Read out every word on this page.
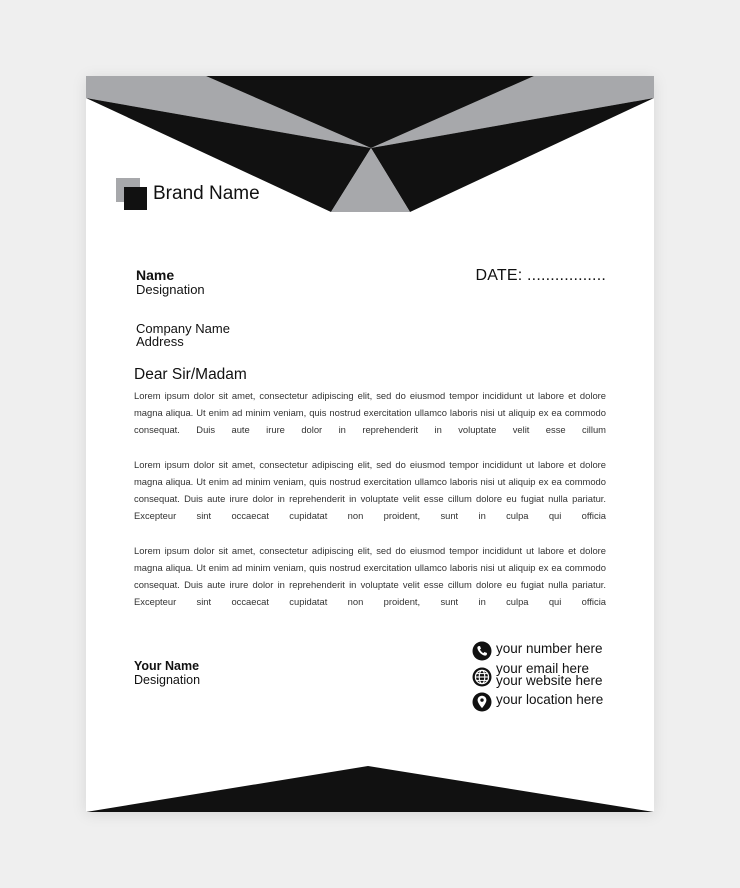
Brand Name
Name
Designation
DATE: .................
Company Name
Address
Dear Sir/Madam

Lorem ipsum dolor sit amet, consectetur adipiscing elit, sed do eiusmod tempor incididunt ut labore et dolore magna aliqua. Ut enim ad minim veniam, quis nostrud exercitation ullamco laboris nisi ut aliquip ex ea commodo consequat. Duis aute irure dolor in reprehenderit in voluptate velit esse cillum

Lorem ipsum dolor sit amet, consectetur adipiscing elit, sed do eiusmod tempor incididunt ut labore et dolore magna aliqua. Ut enim ad minim veniam, quis nostrud exercitation ullamco laboris nisi ut aliquip ex ea commodo consequat. Duis aute irure dolor in reprehenderit in voluptate velit esse cillum dolore eu fugiat nulla pariatur. Excepteur sint occaecat cupidatat non proident, sunt in culpa qui officia

Lorem ipsum dolor sit amet, consectetur adipiscing elit, sed do eiusmod tempor incididunt ut labore et dolore magna aliqua. Ut enim ad minim veniam, quis nostrud exercitation ullamco laboris nisi ut aliquip ex ea commodo consequat. Duis aute irure dolor in reprehenderit in voluptate velit esse cillum dolore eu fugiat nulla pariatur. Excepteur sint occaecat cupidatat non proident, sunt in culpa qui officia

Your Name
Designation
your number here
your email here
your website here
your location here
